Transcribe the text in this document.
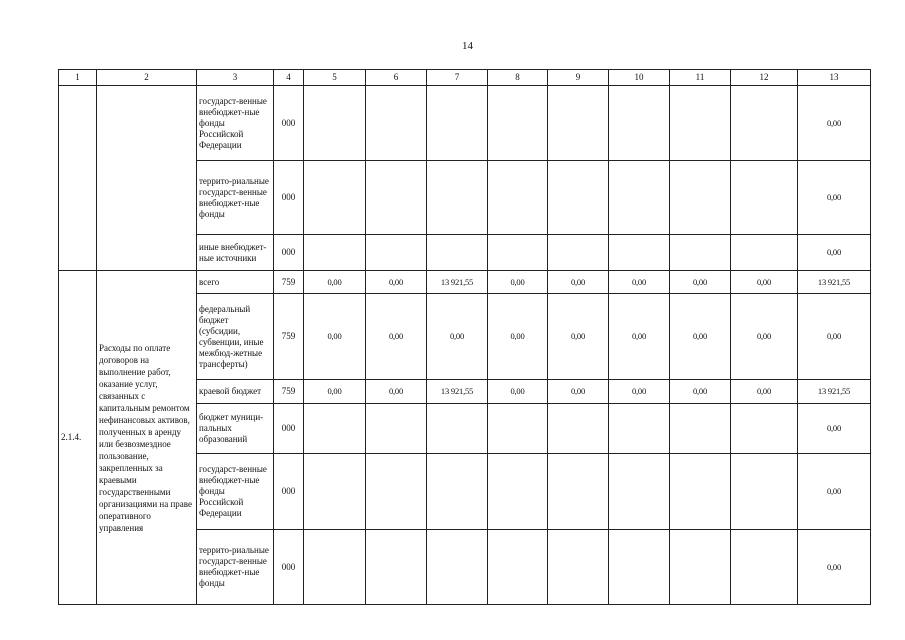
14
1	2	3	4	5	6	7	8	9	10	11	12	13
		государст-венные внебюджет-ные фонды Российской Федерации	000									0,00
		террито-риальные государст-венные внебюджет-ные фонды	000									0,00
		иные внебюджет-ные источники	000									0,00
2.1.4.	Расходы по оплате договоров на выполнение работ, оказание услуг, связанных с капитальным ремонтом нефинансовых активов, полученных в аренду или безвозмездное пользование, закрепленных за краевыми государственными организациями на праве оперативного управления	всего	759	0,00	0,00	13 921,55	0,00	0,00	0,00	0,00	0,00	13 921,55
		федеральный бюджет (субсидии, субвенции, иные межбюд-жетные трансферты)	759	0,00	0,00	0,00	0,00	0,00	0,00	0,00	0,00	0,00
		краевой бюджет	759	0,00	0,00	13 921,55	0,00	0,00	0,00	0,00	0,00	13 921,55
		бюджет муници-пальных образований	000									0,00
		государст-венные внебюджет-ные фонды Российской Федерации	000									0,00
		террито-риальные государст-венные внебюджет-ные фонды	000									0,00
